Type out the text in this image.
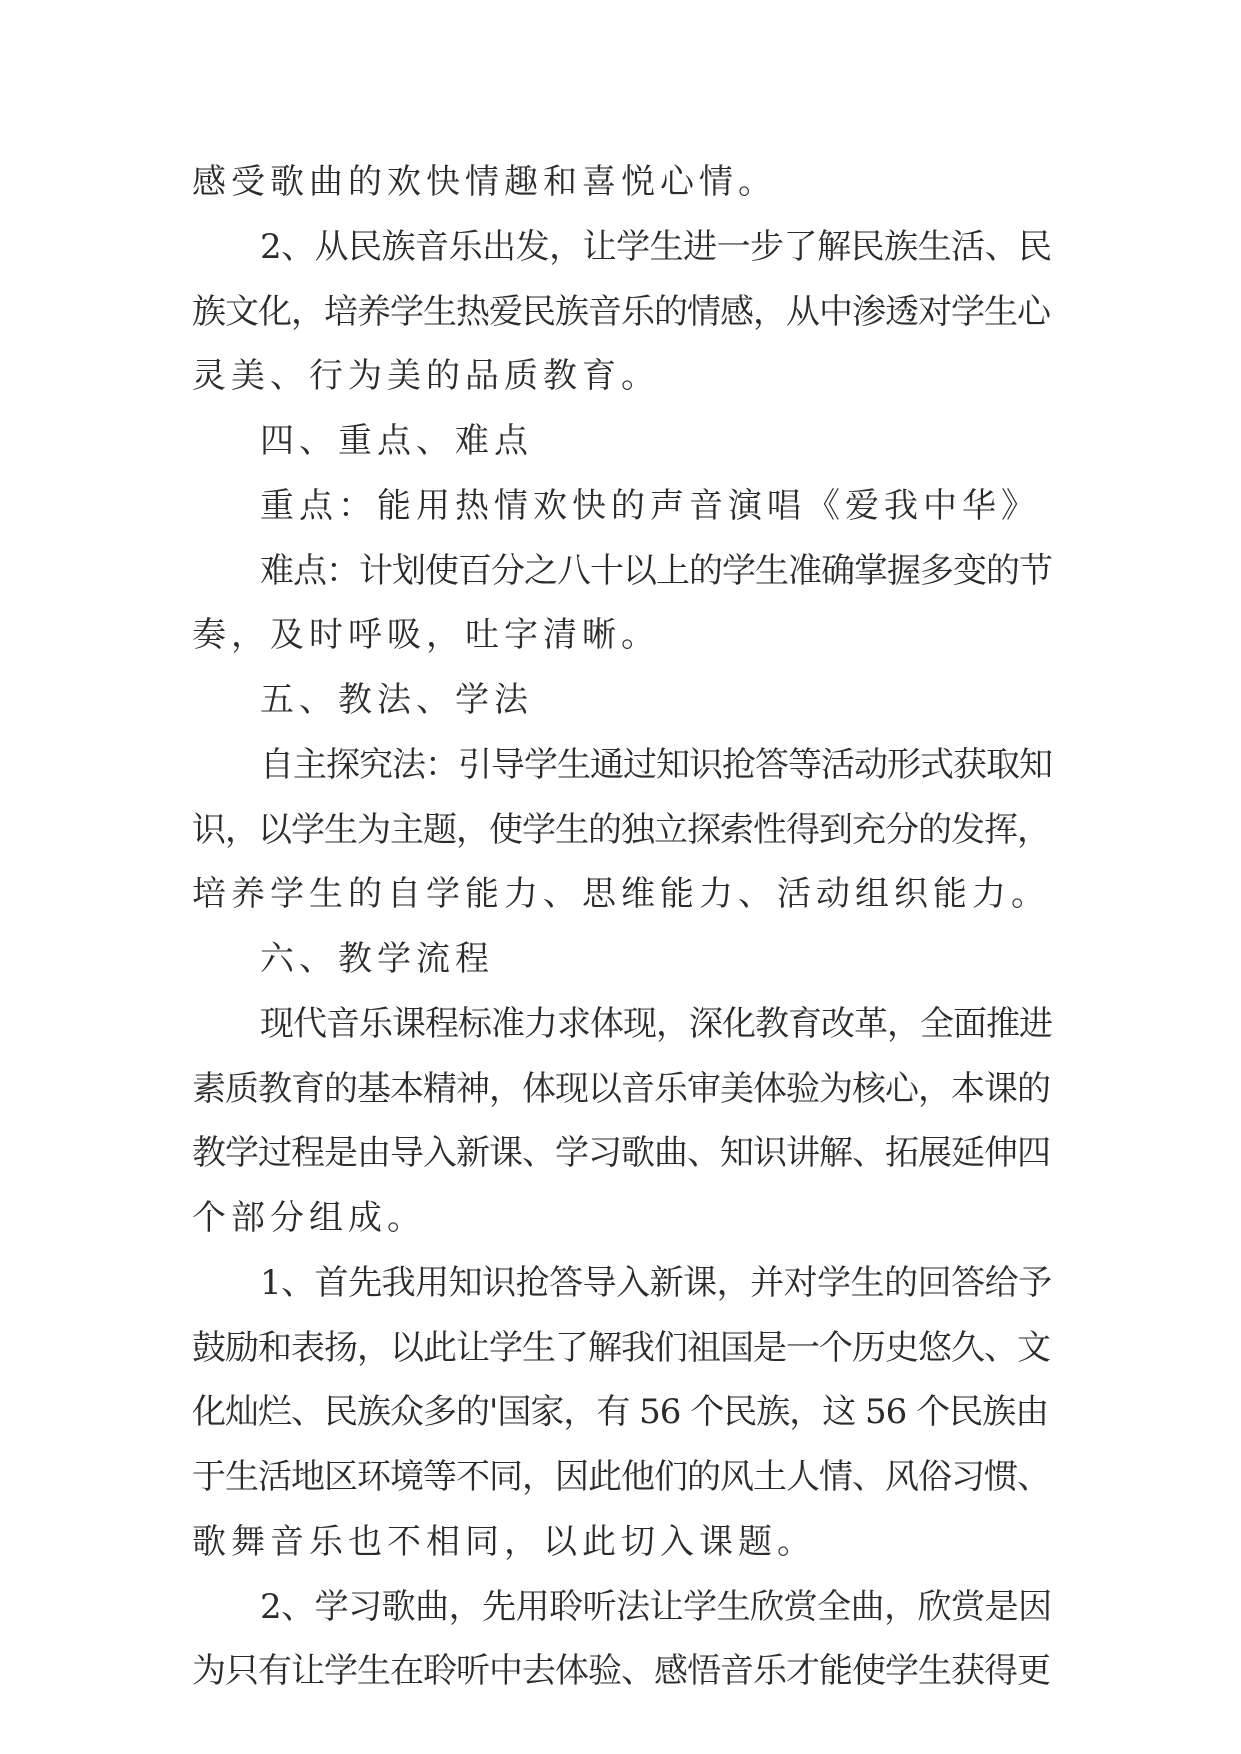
感受歌曲的欢快情趣和喜悦心情。
2、从民族音乐出发，让学生进一步了解民族生活、民
族文化，培养学生热爱民族音乐的情感，从中渗透对学生心
灵美、行为美的品质教育。
四、重点、难点
重点：能用热情欢快的声音演唱《爱我中华》
难点：计划使百分之八十以上的学生准确掌握多变的节
奏，及时呼吸，吐字清晰。
五、教法、学法
自主探究法：引导学生通过知识抢答等活动形式获取知
识，以学生为主题，使学生的独立探索性得到充分的发挥，
培养学生的自学能力、思维能力、活动组织能力。
六、教学流程
现代音乐课程标准力求体现，深化教育改革，全面推进
素质教育的基本精神，体现以音乐审美体验为核心，本课的
教学过程是由导入新课、学习歌曲、知识讲解、拓展延伸四
个部分组成。
1、首先我用知识抢答导入新课，并对学生的回答给予
鼓励和表扬，以此让学生了解我们祖国是一个历史悠久、文
化灿烂、民族众多的'国家，有 56 个民族，这 56 个民族由
于生活地区环境等不同，因此他们的风土人情、风俗习惯、
歌舞音乐也不相同，以此切入课题。
2、学习歌曲，先用聆听法让学生欣赏全曲，欣赏是因
为只有让学生在聆听中去体验、感悟音乐才能使学生获得更
